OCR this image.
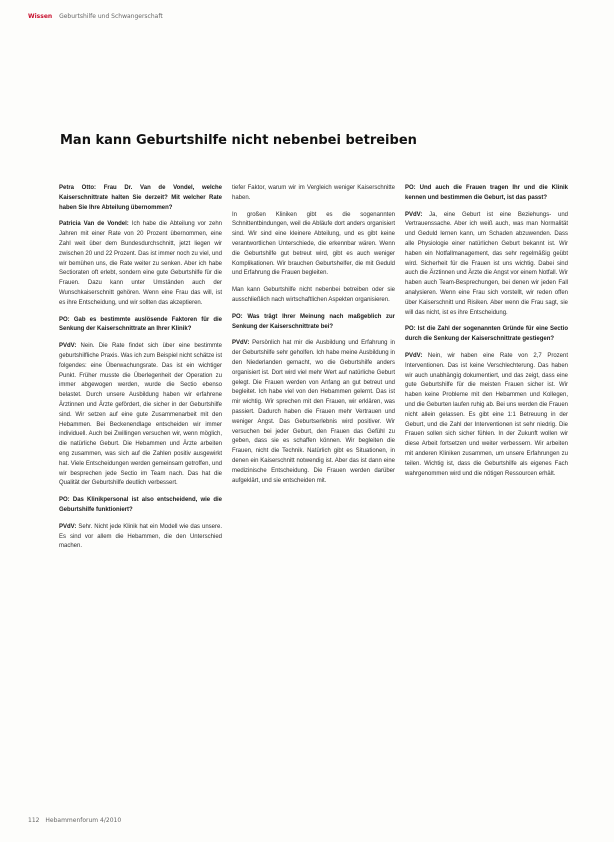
Wissen Geburtshilfe und Schwangerschaft
Man kann Geburtshilfe nicht nebenbei betreiben
Petra Otto: Frau Dr. Van de Vondel, welche Kaiserschnittrate halten Sie derzeit? Mit welcher Rate haben Sie Ihre Abteilung übernommen?
Patricia Van de Vondel: Ich habe die Abteilung vor zehn Jahren mit einer Rate von 20 Prozent übernommen, eine Zahl weit über dem Bundesdurchschnitt, jetzt liegen wir zwischen 20 und 22 Prozent. Das ist immer noch zu viel, und wir bemühen uns, die Rate weiter zu senken. Aber ich habe Sectioraten oft erlebt, sondern eine gute Geburtshilfe für die Frauen. Dazu kann unter Umständen auch der Wunschkaiserschnitt gehören. Wenn eine Frau das will, ist es ihre Entscheidung, und wir sollten das akzeptieren.
PO: Gab es bestimmte auslösende Faktoren für die Senkung der Kaiserschnittrate an Ihrer Klinik?
PVdV: Nein. Die Rate findet sich über eine bestimmte geburtshilfliche Praxis. Was ich zum Beispiel nicht schätze ist folgendes: eine Überwachungsrate. Das ist ein wichtiger Punkt. Früher musste die Überlegenheit der Operation zu immer abgewogen werden, wurde die Sectio ebenso belastet. Durch unsere Ausbildung haben wir erfahrene Ärztinnen und Ärzte gefördert, die sicher in der Geburtshilfe sind. Wir setzen auf eine gute Zusammenarbeit mit den Hebammen. Bei Beckenendlage entscheiden wir immer individuell. Auch bei Zwillingen versuchen wir, wenn möglich, die natürliche Geburt. Die Hebammen und Ärzte arbeiten eng zusammen, was sich auf die Zahlen positiv ausgewirkt hat. Viele Entscheidungen werden gemeinsam getroffen, und wir besprechen jede Sectio im Team nach. Das hat die Qualität der Geburtshilfe deutlich verbessert.
PO: Das Klinikpersonal ist also entscheidend, wie die Geburtshilfe funktioniert?
PVdV: Sehr. Nicht jede Klinik hat ein Modell wie das unsere. Es sind vor allem die Hebammen, die den Unterschied machen.
tiefer Faktor, warum wir im Vergleich weniger Kaiserschnitte haben.
In großen Kliniken gibt es die sogenannten Schnittentbindungen, weil die Abläufe dort anders organisiert sind. Wir sind eine kleinere Abteilung, und es gibt keine verantwortlichen Unterschiede, die erkennbar wären. Wenn die Geburtshilfe gut betreut wird, gibt es auch weniger Komplikationen. Wir brauchen Geburtshelfer, die mit Geduld und Erfahrung die Frauen begleiten.
Man kann Geburtshilfe nicht nebenbei betreiben oder sie ausschließlich nach wirtschaftlichen Aspekten organisieren.
PO: Was trägt Ihrer Meinung nach maßgeblich zur Senkung der Kaiserschnittrate bei?
PVdV: Persönlich hat mir die Ausbildung und Erfahrung in der Geburtshilfe sehr geholfen. Ich habe meine Ausbildung in den Niederlanden gemacht, wo die Geburtshilfe anders organisiert ist. Dort wird viel mehr Wert auf natürliche Geburt gelegt. Die Frauen werden von Anfang an gut betreut und begleitet. Ich habe viel von den Hebammen gelernt. Das ist mir wichtig. Wir sprechen mit den Frauen, wir erklären, was passiert. Dadurch haben die Frauen mehr Vertrauen und weniger Angst. Das Geburtserlebnis wird positiver. Wir versuchen bei jeder Geburt, den Frauen das Gefühl zu geben, dass sie es schaffen können. Wir begleiten die Frauen, nicht die Technik. Natürlich gibt es Situationen, in denen ein Kaiserschnitt notwendig ist. Aber das ist dann eine medizinische Entscheidung. Die Frauen werden darüber aufgeklärt, und sie entscheiden mit.
PO: Und auch die Frauen tragen Ihr und die Klinik kennen und bestimmen die Geburt, ist das passt?
PVdV: Ja, eine Geburt ist eine Beziehungs- und Vertrauenssache. Aber ich weiß auch, was man Normalität und Geduld lernen kann, um Schaden abzuwenden. Dass alle Physiologie einer natürlichen Geburt bekannt ist. Wir haben ein Notfallmanagement, das sehr regelmäßig geübt wird. Sicherheit für die Frauen ist uns wichtig. Dabei sind auch die Ärztinnen und Ärzte die Angst vor einem Notfall. Wir haben auch Team-Besprechungen, bei denen wir jeden Fall analysieren. Wenn eine Frau sich vorstellt, wir reden offen über Kaiserschnitt und Risiken. Aber wenn die Frau sagt, sie will das nicht, ist es ihre Entscheidung.
PO: Ist die Zahl der sogenannten Gründe für eine Sectio durch die Senkung der Kaiserschnittrate gestiegen?
PVdV: Nein, wir haben eine Rate von 2,7 Prozent Interventionen. Das ist keine Verschlechterung. Das haben wir auch unabhängig dokumentiert, und das zeigt, dass eine gute Geburtshilfe für die meisten Frauen sicher ist. Wir haben keine Probleme mit den Hebammen und Kollegen, und die Geburten laufen ruhig ab. Bei uns werden die Frauen nicht allein gelassen. Es gibt eine 1:1 Betreuung in der Geburt, und die Zahl der Interventionen ist sehr niedrig. Die Frauen sollen sich sicher fühlen. In der Zukunft wollen wir diese Arbeit fortsetzen und weiter verbessern. Wir arbeiten mit anderen Kliniken zusammen, um unsere Erfahrungen zu teilen. Wichtig ist, dass die Geburtshilfe als eigenes Fach wahrgenommen wird und die nötigen Ressourcen erhält.
112 Hebammenforum 4/2010
